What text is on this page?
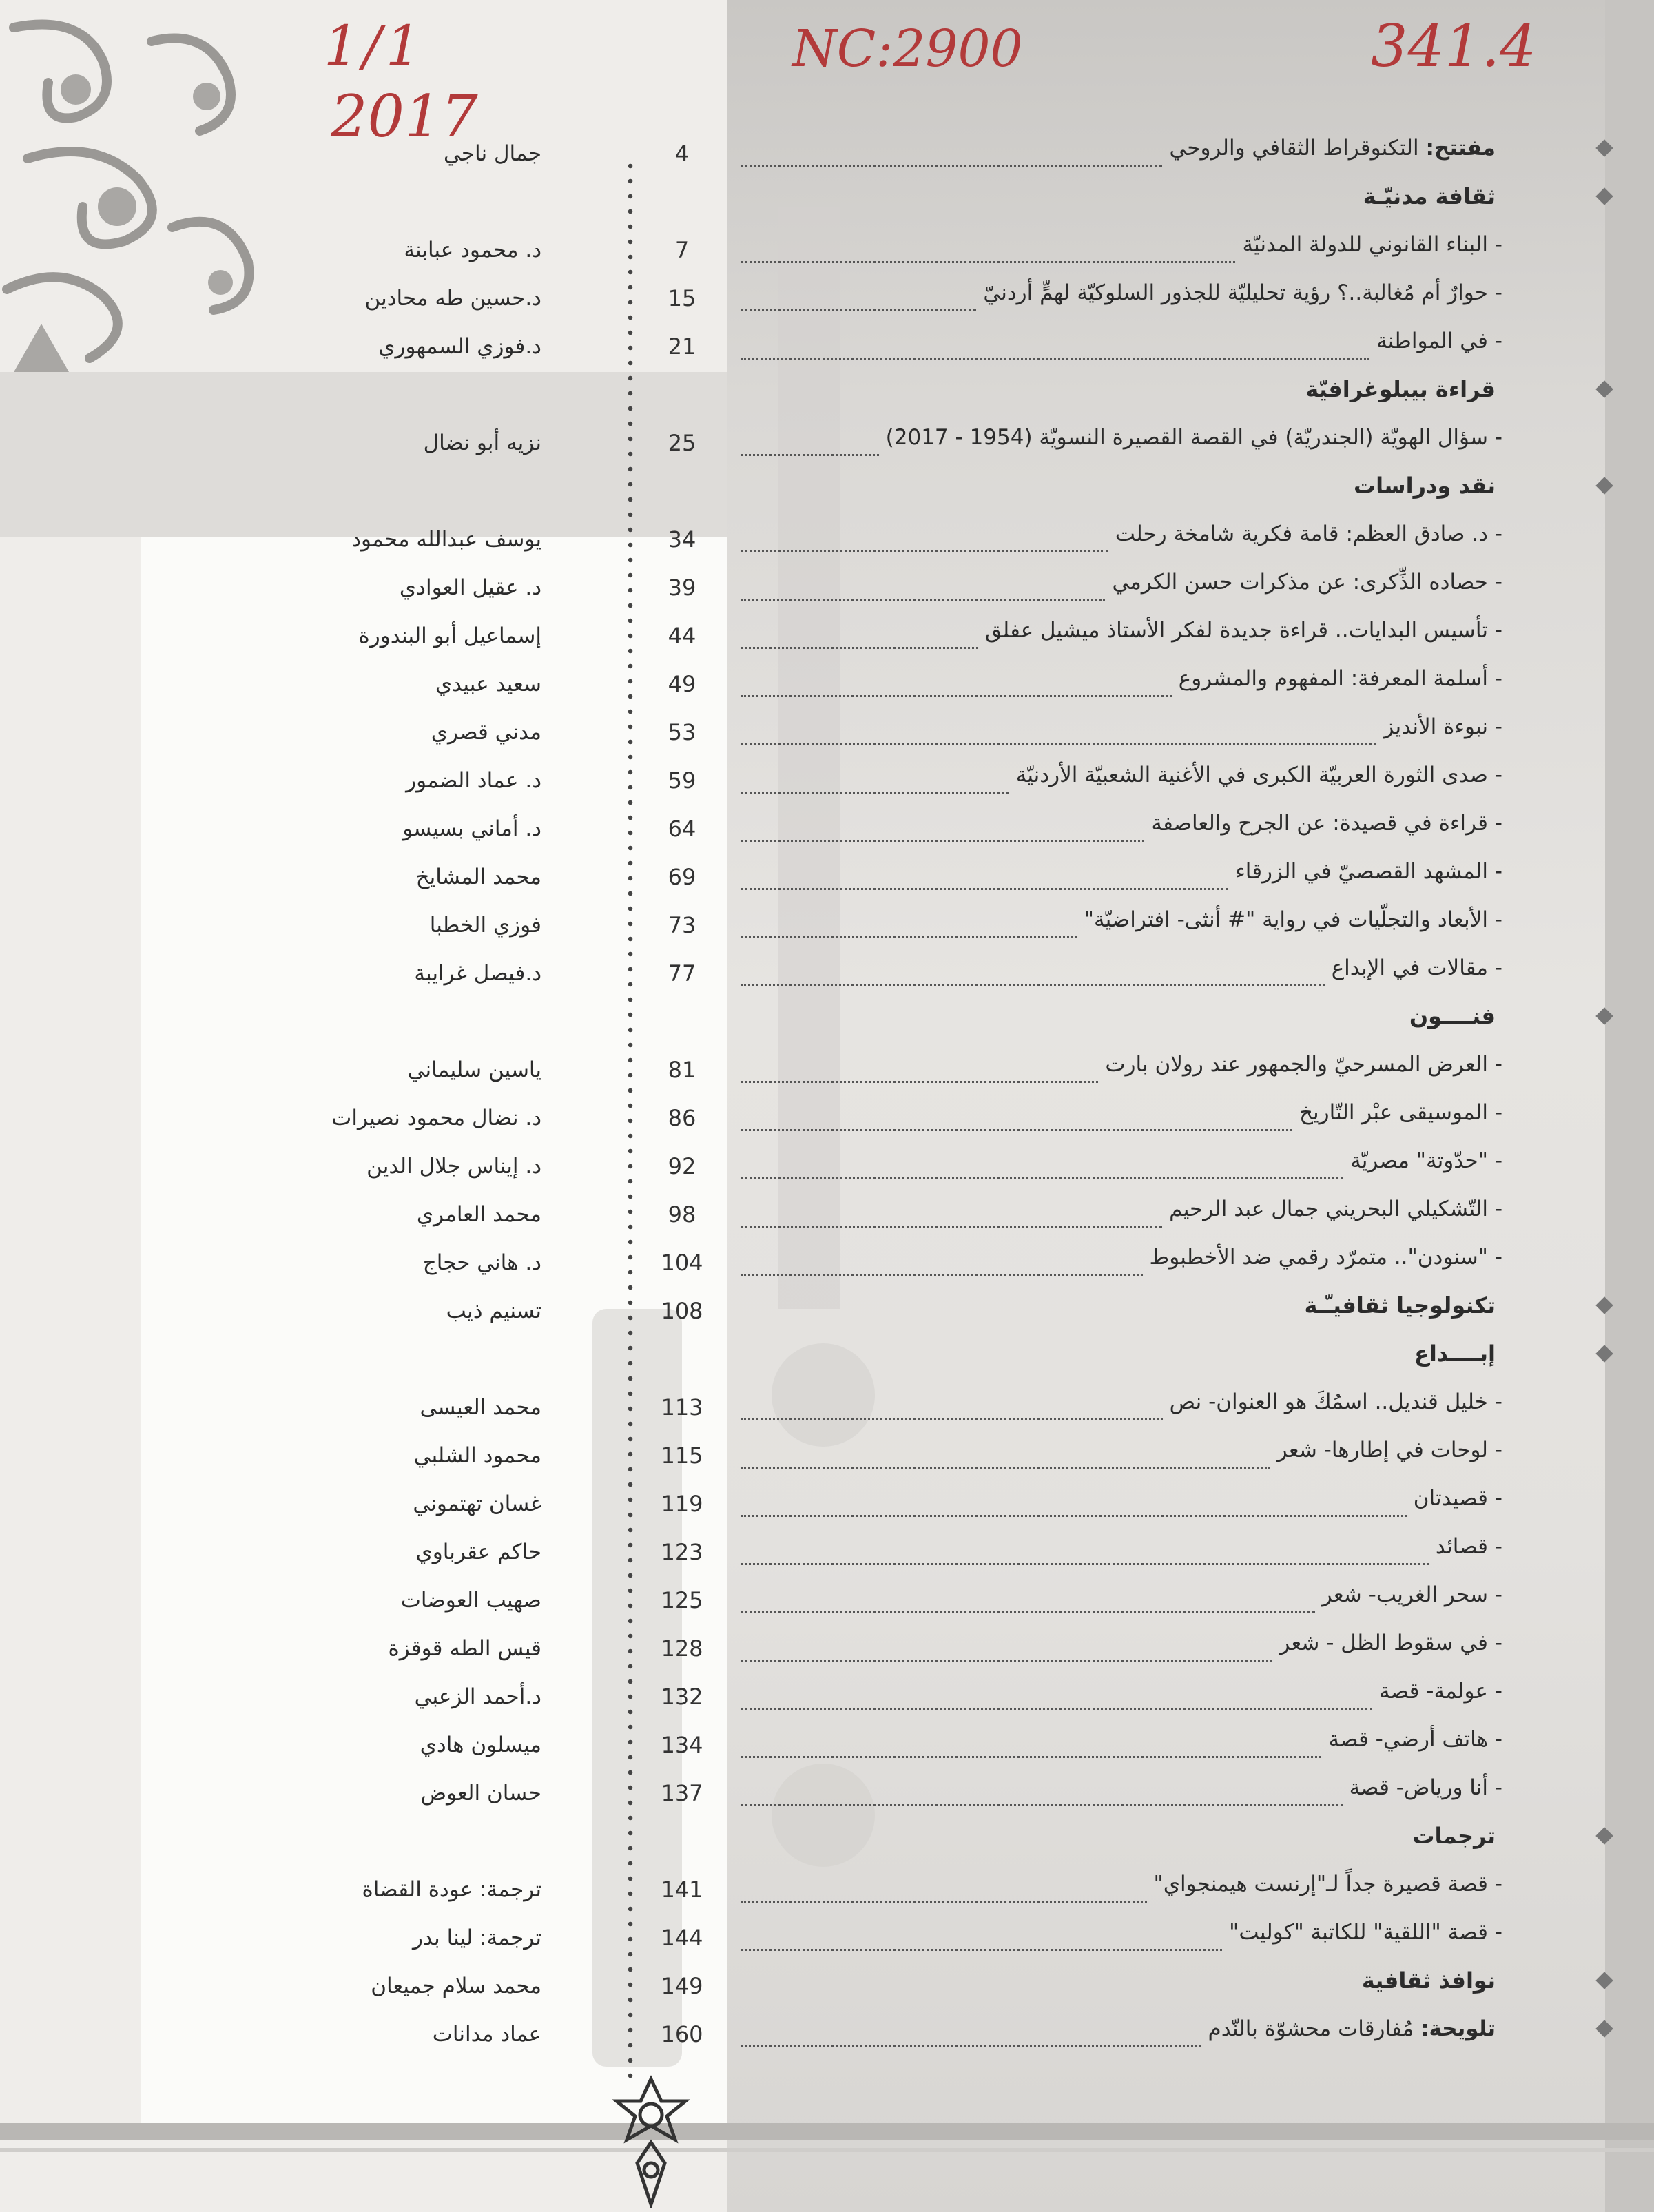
1/1
2017
NC:2900	341.4
مفتتح: التكنوقراط الثقافي والروحي
4
جمال ناجي
ثقافة مدنيّـة
- البناء القانوني للدولة المدنيّة
7
د. محمود عبابنة
- حوارٌ أم مُغالبة..؟ رؤية تحليليّة للجذور السلوكيّة لهمٍّ أردنيّ
15
د.حسين طه محادين
- في المواطنة
21
د.فوزي السمهوري
قراءة بيبلوغرافيّة
- سؤال الهويّة (الجندريّة) في القصة القصيرة النسويّة (1954 - 2017)
25
نزيه أبو نضال
نقد ودراسات
- د. صادق العظم: قامة فكرية شامخة رحلت
34
يوسف عبدالله محمود
- حصاده الذِّكرى: عن مذكرات حسن الكرمي
39
د. عقيل العوادي
- تأسيس البدايات.. قراءة جديدة لفكر الأستاذ ميشيل عفلق
44
إسماعيل أبو البندورة
- أسلمة المعرفة: المفهوم والمشروع
49
سعيد عبيدي
- نبوءة الأنديز
53
مدني قصري
- صدى الثورة العربيّة الكبرى في الأغنية الشعبيّة الأردنيّة
59
د. عماد الضمور
- قراءة في قصيدة: عن الجرح والعاصفة
64
د. أماني بسيسو
- المشهد القصصيّ في الزرقاء
69
محمد المشايخ
- الأبعاد والتجلّيات في رواية "# أنثى- افتراضيّة"
73
فوزي الخطبا
- مقالات في الإبداع
77
د.فيصل غرايبة
فنــــون
- العرض المسرحيّ والجمهور عند رولان بارت
81
ياسين سليماني
- الموسيقى عبْر التّاريخ
86
د. نضال محمود نصيرات
- "حدّوتة" مصريّة
92
د. إيناس جلال الدين
- التّشكيلي البحريني جمال عبد الرحيم
98
محمد العامري
- "سنودن".. متمرّد رقمي ضد الأخطبوط
104
د. هاني حجاج
تكنولوجيا ثقافيـّـة
108
تسنيم ذيب
إبــــداع
- خليل قنديل.. اسمُكَ هو العنوان- نص
113
محمد العيسى
- لوحات في إطارها- شعر
115
محمود الشلبي
- قصيدتان
119
غسان تهتموني
- قصائد
123
حاكم عقرباوي
- سحر الغريب- شعر
125
صهيب العوضات
- في سقوط الظل - شعر
128
قيس الطه قوقزة
- عولمة- قصة
132
د.أحمد الزعبي
- هاتف أرضي- قصة
134
ميسلون هادي
- أنا ورياض- قصة
137
حسان العوض
ترجمات
- قصة قصيرة جداً لـ"إرنست هيمنجواي"
141
ترجمة: عودة القضاة
- قصة "اللقية" للكاتبة "كوليت"
144
ترجمة: لينا بدر
نوافذ ثقافية
149
محمد سلام جميعان
تلويحة: مُفارقات محشوّة بالنّدم
160
عماد مدانات
